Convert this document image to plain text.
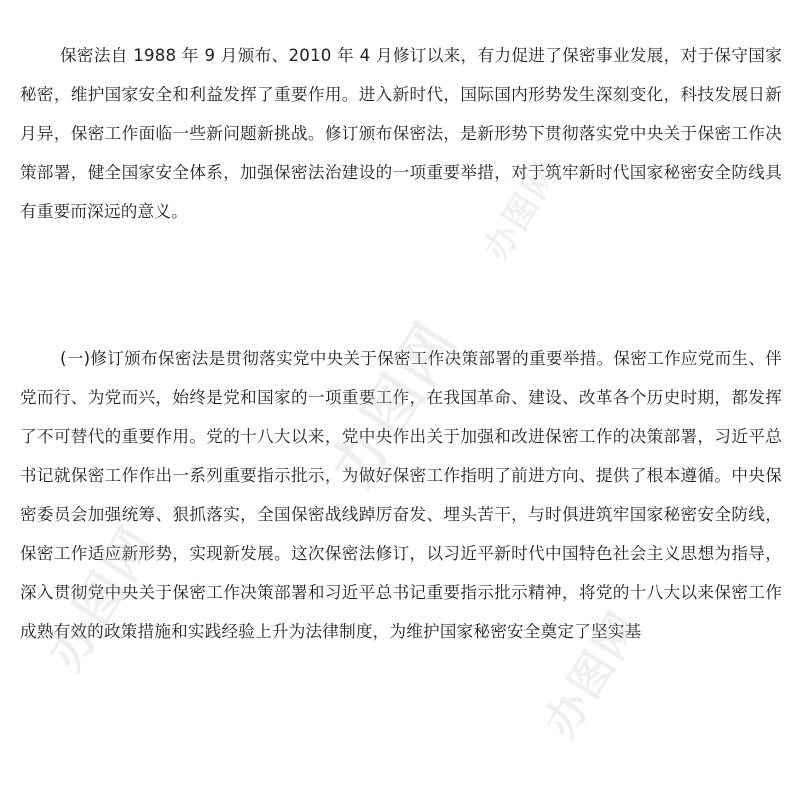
保密法自 1988 年 9 月颁布、2010 年 4 月修订以来，有力促进了保密事业发展，对于保守国家秘密，维护国家安全和利益发挥了重要作用。进入新时代，国际国内形势发生深刻变化，科技发展日新月异，保密工作面临一些新问题新挑战。修订颁布保密法，是新形势下贯彻落实党中央关于保密工作决策部署，健全国家安全体系，加强保密法治建设的一项重要举措，对于筑牢新时代国家秘密安全防线具有重要而深远的意义。

(一)修订颁布保密法是贯彻落实党中央关于保密工作决策部署的重要举措。保密工作应党而生、伴党而行、为党而兴，始终是党和国家的一项重要工作，在我国革命、建设、改革各个历史时期，都发挥了不可替代的重要作用。党的十八大以来，党中央作出关于加强和改进保密工作的决策部署，习近平总书记就保密工作作出一系列重要指示批示，为做好保密工作指明了前进方向、提供了根本遵循。中央保密委员会加强统筹、狠抓落实，全国保密战线踔厉奋发、埋头苦干，与时俱进筑牢国家秘密安全防线，保密工作适应新形势，实现新发展。这次保密法修订，以习近平新时代中国特色社会主义思想为指导，深入贯彻党中央关于保密工作决策部署和习近平总书记重要指示批示精神，将党的十八大以来保密工作成熟有效的政策措施和实践经验上升为法律制度，为维护国家秘密安全奠定了坚实基

办图网
办图网
办图网	办图网
